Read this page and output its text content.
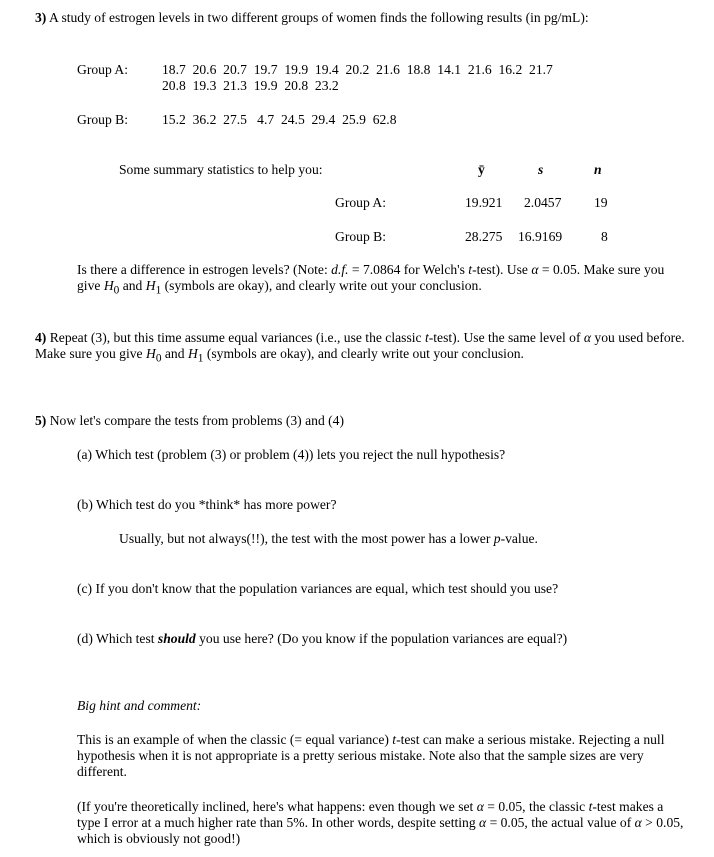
3) A study of estrogen levels in two different groups of women finds the following results (in pg/mL):
Group A:	18.7  20.6  20.7  19.7  19.9  19.4  20.2  21.6  18.8  14.1  21.6  16.2  21.7
20.8  19.3  21.3  19.9  20.8  23.2
Group B:	15.2  36.2  27.5   4.7  24.5  29.4  25.9  62.8
Some summary statistics to help you:	ȳ	s	n
Group A:	19.921 2.0457 19
Group B:	28.275 16.9169	8
Is there a difference in estrogen levels? (Note: d.f. = 7.0864 for Welch's t-test). Use α = 0.05. Make sure you give $H_0$ and $H_1$ (symbols are okay), and clearly write out your conclusion.
4) Repeat (3), but this time assume equal variances (i.e., use the classic t-test). Use the same level of α you used before. Make sure you give $H_0$ and $H_1$ (symbols are okay), and clearly write out your conclusion.
5) Now let's compare the tests from problems (3) and (4)
(a) Which test (problem (3) or problem (4)) lets you reject the null hypothesis?
(b) Which test do you *think* has more power?
Usually, but not always(!!), the test with the most power has a lower p-value.
(c) If you don't know that the population variances are equal, which test should you use?
(d) Which test should you use here? (Do you know if the population variances are equal?)
Big hint and comment:
This is an example of when the classic (= equal variance) t-test can make a serious mistake. Rejecting a null hypothesis when it is not appropriate is a pretty serious mistake. Note also that the sample sizes are very different.
(If you're theoretically inclined, here's what happens: even though we set α = 0.05, the classic t-test makes a type I error at a much higher rate than 5%. In other words, despite setting α = 0.05, the actual value of α > 0.05, which is obviously not good!)
